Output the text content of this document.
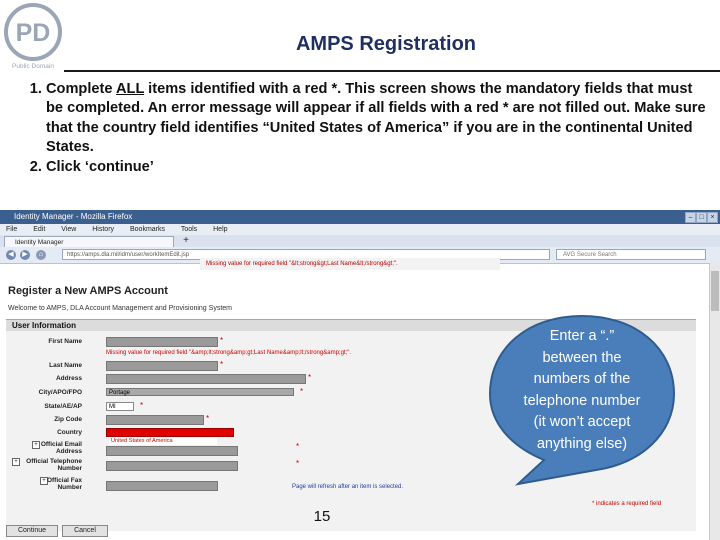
PD
Public Domain
AMPS Registration
1. Complete ALL items identified with a red *. This screen shows the mandatory fields that must be completed. An error message will appear if all fields with a red * are not filled out. Make sure that the country field identifies “United States of America” if you are in the continental United States.
2. Click ‘continue’
Identity Manager - Mozilla Firefox	– □ ×
File Edit View History Bookmarks Tools Help
Identity Manager	+
◀	▶	⌂	https://amps.dla.mil/idm/user/workItemEdit.jsp	AVG Secure Search
Missing value for required field "&lt;strong&gt;Last Name&lt;/strong&gt;".
Register a New AMPS Account
Welcome to AMPS, DLA Account Management and Provisioning System
User Information
First Name	*
Missing value for required field "&amp;lt;strong&amp;gt;Last Name&amp;lt;/strong&amp;gt;".
Last Name	*
Address	*
City/APO/FPO	Portage	*
State/AE/AP	MI	*
Zip Code	*
Country
United States of America
+ Official Email
Address
*
+	Official Telephone
Number
*
+ Official Fax
Number	Page will refresh after an item is selected.
* indicates a required field
Continue	Cancel
Enter a “.”
between the
numbers of the
telephone number
(it won’t accept
anything else)
15
